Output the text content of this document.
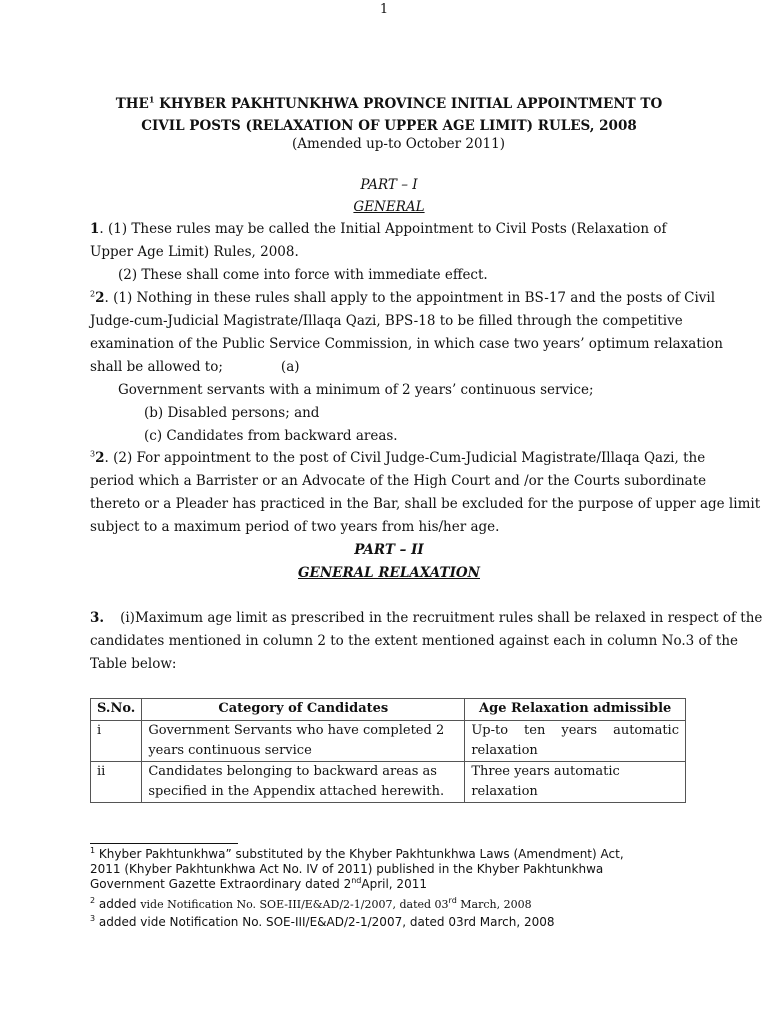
1
THE$^1$ KHYBER PAKHTUNKHWA PROVINCE INITIAL APPOINTMENT TO
CIVIL POSTS (RELAXATION OF UPPER AGE LIMIT) RULES, 2008
(Amended up-to October 2011)
PART – I
GENERAL
1. (1) These rules may be called the Initial Appointment to Civil Posts (Relaxation of
Upper Age Limit) Rules, 2008.
(2) These shall come into force with immediate effect.
$^2$2. (1) Nothing in these rules shall apply to the appointment in BS-17 and the posts of Civil
Judge-cum-Judicial Magistrate/Illaqa Qazi, BPS-18 to be filled through the competitive
examination of the Public Service Commission, in which case two years’ optimum relaxation
shall be allowed to;	(a)
Government servants with a minimum of 2 years’ continuous service;
(b) Disabled persons; and
(c) Candidates from backward areas.
$^3$2. (2) For appointment to the post of Civil Judge-Cum-Judicial Magistrate/Illaqa Qazi, the
period which a Barrister or an Advocate of the High Court and /or the Courts subordinate
thereto or a Pleader has practiced in the Bar, shall be excluded for the purpose of upper age limit
subject to a maximum period of two years from his/her age.
PART – II
GENERAL RELAXATION
3. (i)Maximum age limit as prescribed in the recruitment rules shall be relaxed in respect of the
candidates mentioned in column 2 to the extent mentioned against each in column No.3 of the
Table below:
S.No.	Category of Candidates	Age Relaxation admissible
i	Government Servants who have completed 2 years continuous service	Up-to ten years automatic relaxation
ii	Candidates belonging to backward areas as specified in the Appendix attached herewith.	Three years automatic relaxation
$^1$ Khyber Pakhtunkhwa” substituted by the Khyber Pakhtunkhwa Laws (Amendment) Act,
2011 (Khyber Pakhtunkhwa Act No. IV of 2011) published in the Khyber Pakhtunkhwa
Government Gazette Extraordinary dated 2ndApril, 2011
$^2$ added vide Notification No. SOE-III/E&AD/2-1/2007, dated 03rd March, 2008
$^3$ added vide Notification No. SOE-III/E&AD/2-1/2007, dated 03rd March, 2008
